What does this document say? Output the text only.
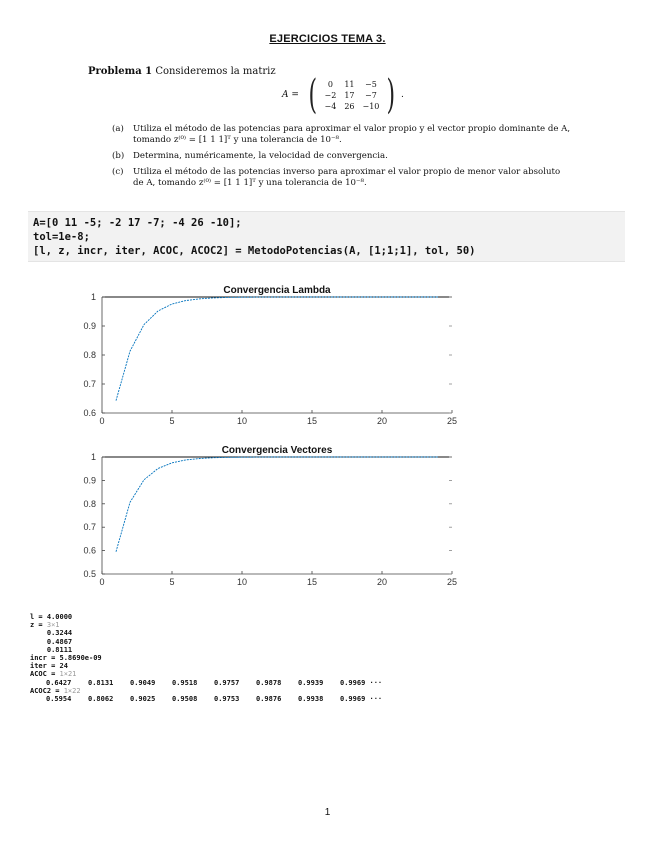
EJERCICIOS TEMA 3.
Problema 1 Consideremos la matriz
A = ( 0	11	−5
−2	17	−7
−4	26	−10 ) .
(a)	Utiliza el método de las potencias para aproximar el valor propio y el vector propio dominante de A, tomando z⁽⁰⁾ = [1 1 1]ᵀ y una tolerancia de 10⁻⁸.
(b)	Determina, numéricamente, la velocidad de convergencia.
(c)	Utiliza el método de las potencias inverso para aproximar el valor propio de menor valor absoluto de A, tomando z⁽⁰⁾ = [1 1 1]ᵀ y una tolerancia de 10⁻⁸.
A=[0 11 -5; -2 17 -7; -4 26 -10];
tol=1e-8;
[l, z, incr, iter, ACOC, ACOC2] = MetodoPotencias(A, [1;1;1], tol, 50)
Convergencia Lambda
0	5	10	15	20	25
0.6
0.7
0.8
0.9
1
Convergencia Vectores
0	5	10	15	20	25
0.5
0.6
0.7
0.8
0.9
1
l = 4.0000
z = 3×1
0.3244
0.4867
0.8111
incr = 5.8690e-09
iter = 24
ACOC = 1×21
0.6427	0.8131	0.9049	0.9518	0.9757	0.9878	0.9939	0.9969 ···
ACOC2 = 1×22
0.5954	0.8062	0.9025	0.9508	0.9753	0.9876	0.9938	0.9969 ···
1
